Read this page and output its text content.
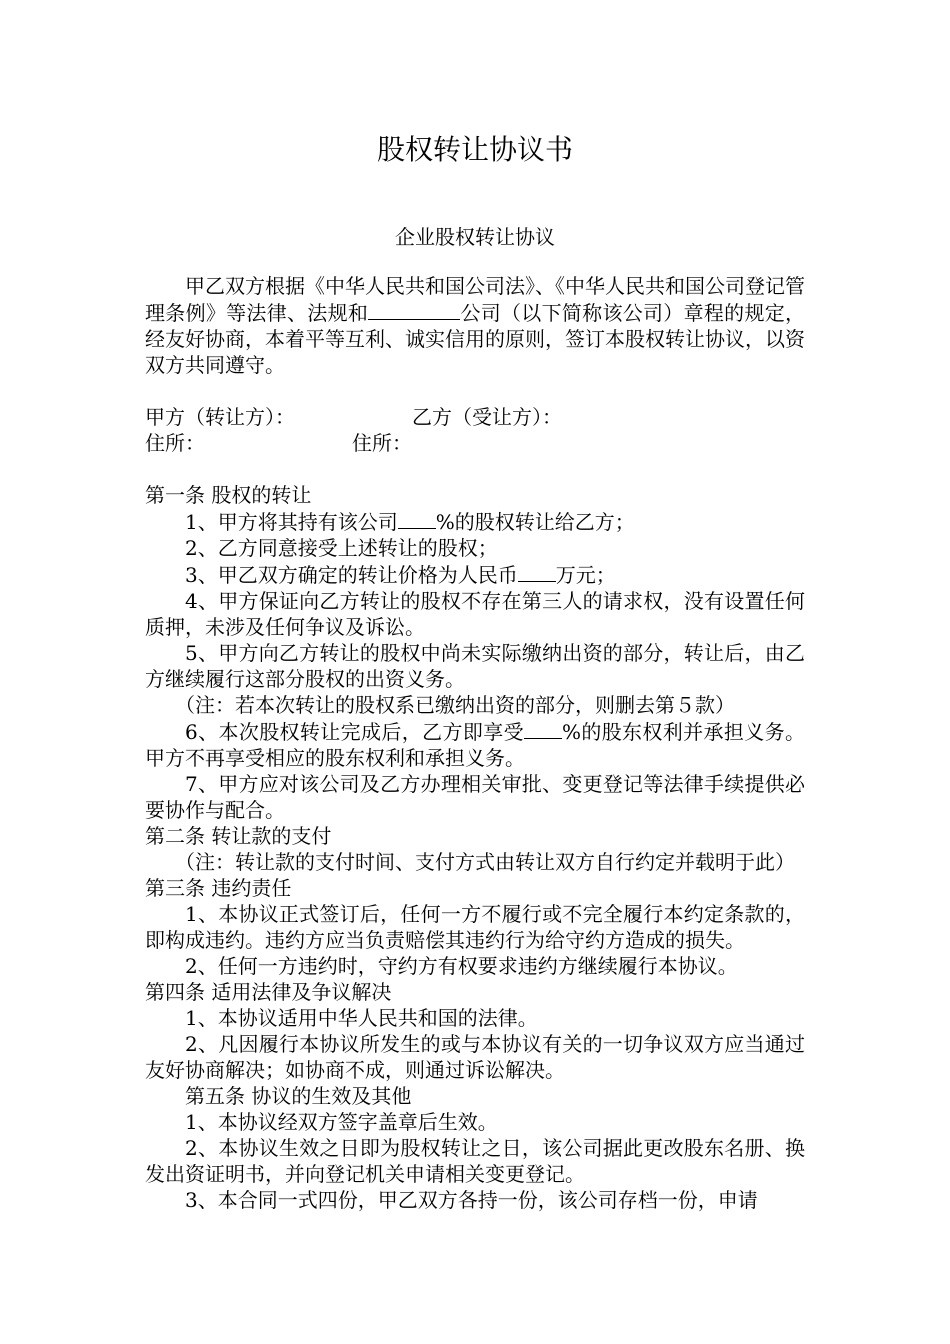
股权转让协议书
企业股权转让协议

甲乙双方根据《中华人民共和国公司法》、《中华人民共和国公司登记管理条例》等法律、法规和	公司（以下简称该公司）章程的规定，经友好协商，本着平等互利、诚实信用的原则，签订本股权转让协议，以资双方共同遵守。

甲方（转让方）：	乙方（受让方）：
住所：	住所：

第一条 股权的转让

1、甲方将其持有该公司 %的股权转让给乙方；

2、乙方同意接受上述转让的股权；

3、甲乙双方确定的转让价格为人民币 万元；

4、甲方保证向乙方转让的股权不存在第三人的请求权，没有设置任何质押，未涉及任何争议及诉讼。

5、甲方向乙方转让的股权中尚未实际缴纳出资的部分，转让后，由乙方继续履行这部分股权的出资义务。

（注：若本次转让的股权系已缴纳出资的部分，则删去第５款）

6、本次股权转让完成后，乙方即享受 %的股东权利并承担义务。甲方不再享受相应的股东权利和承担义务。

7、甲方应对该公司及乙方办理相关审批、变更登记等法律手续提供必要协作与配合。

第二条 转让款的支付

（注：转让款的支付时间、支付方式由转让双方自行约定并载明于此）

第三条 违约责任

1、本协议正式签订后，任何一方不履行或不完全履行本约定条款的，即构成违约。违约方应当负责赔偿其违约行为给守约方造成的损失。

2、任何一方违约时，守约方有权要求违约方继续履行本协议。

第四条 适用法律及争议解决

1、本协议适用中华人民共和国的法律。

2、凡因履行本协议所发生的或与本协议有关的一切争议双方应当通过友好协商解决；如协商不成，则通过诉讼解决。

第五条 协议的生效及其他

1、本协议经双方签字盖章后生效。

2、本协议生效之日即为股权转让之日，该公司据此更改股东名册、换发出资证明书，并向登记机关申请相关变更登记。

3、本合同一式四份，甲乙双方各持一份，该公司存档一份，申请
